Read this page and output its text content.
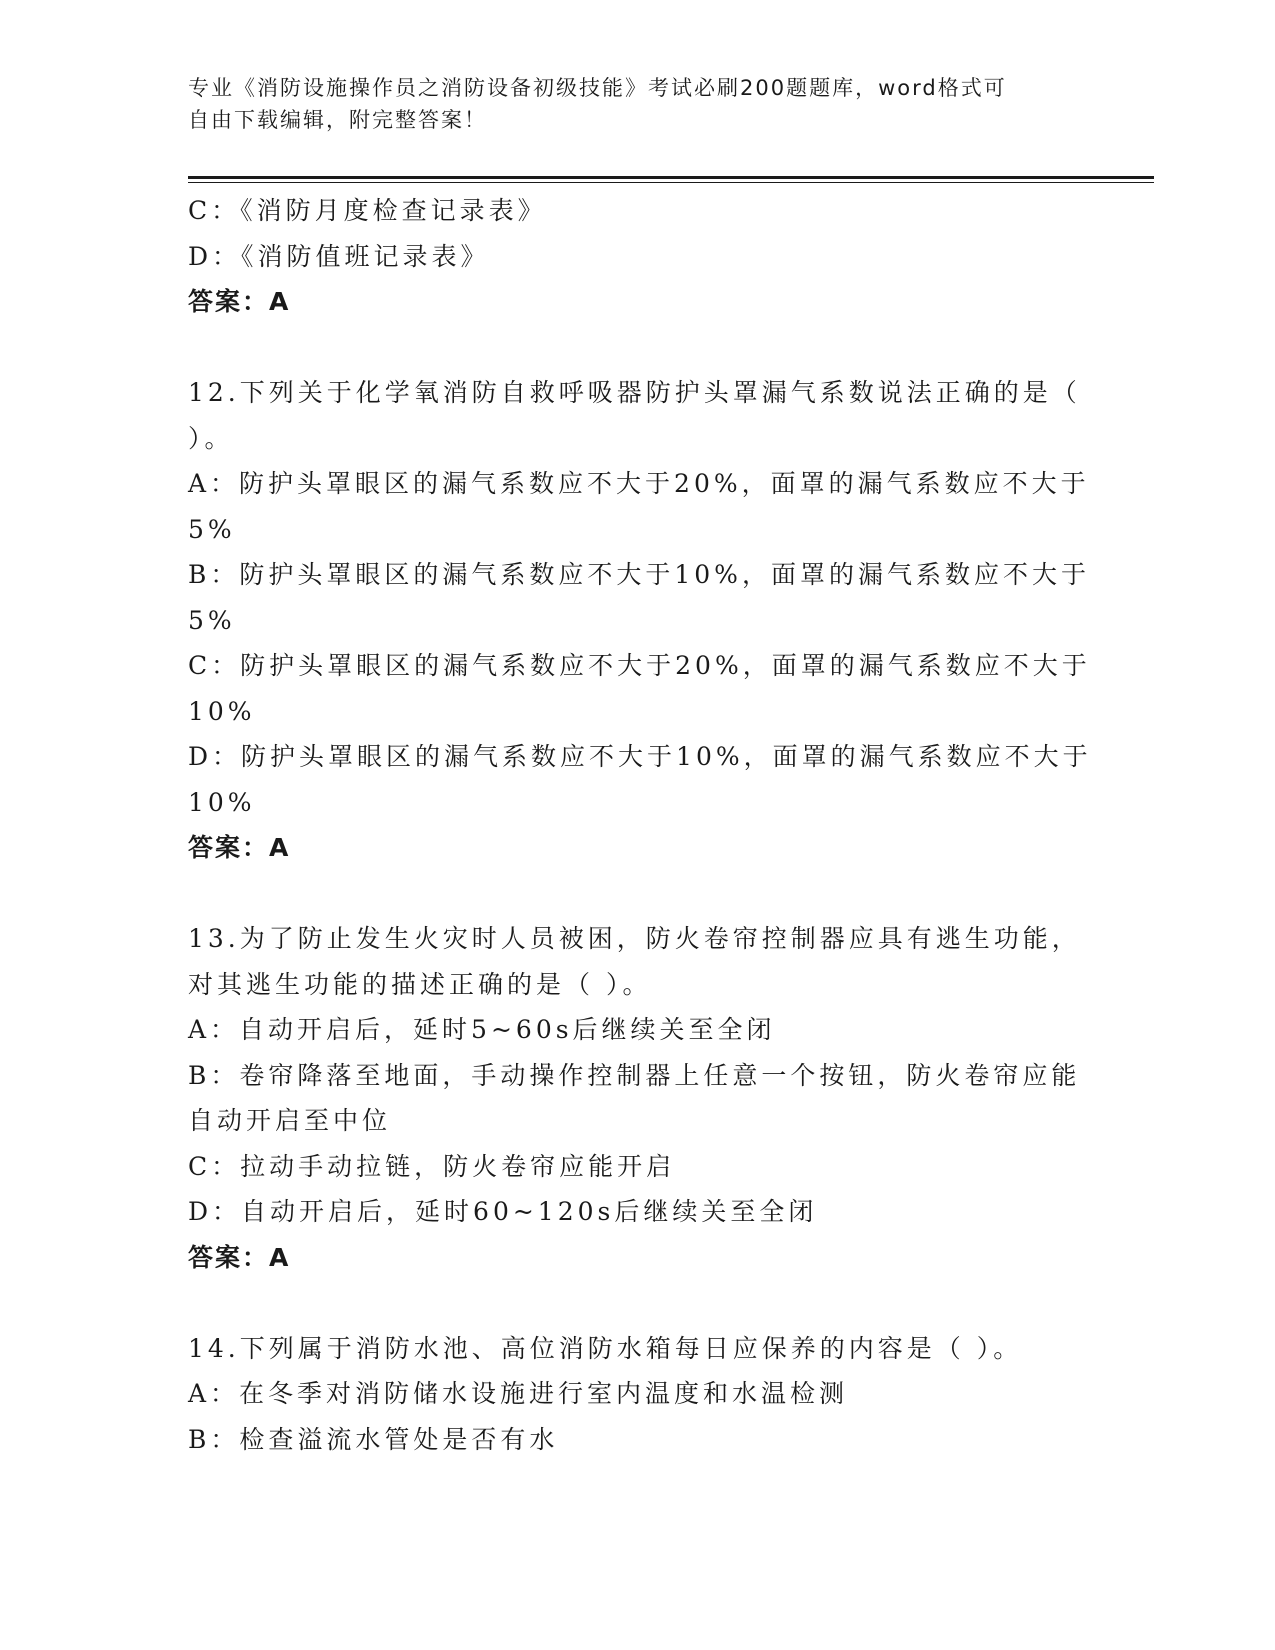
专业《消防设施操作员之消防设备初级技能》考试必刷200题题库，word格式可
自由下载编辑，附完整答案！
C：《消防月度检查记录表》
D：《消防值班记录表》
答案：A
12.下列关于化学氧消防自救呼吸器防护头罩漏气系数说法正确的是（
）。
A：防护头罩眼区的漏气系数应不大于20%，面罩的漏气系数应不大于
5%
B：防护头罩眼区的漏气系数应不大于10%，面罩的漏气系数应不大于
5%
C：防护头罩眼区的漏气系数应不大于20%，面罩的漏气系数应不大于
10%
D：防护头罩眼区的漏气系数应不大于10%，面罩的漏气系数应不大于
10%
答案：A
13.为了防止发生火灾时人员被困，防火卷帘控制器应具有逃生功能，
对其逃生功能的描述正确的是（ ）。
A：自动开启后，延时5~60s后继续关至全闭
B：卷帘降落至地面，手动操作控制器上任意一个按钮，防火卷帘应能
自动开启至中位
C：拉动手动拉链，防火卷帘应能开启
D：自动开启后，延时60~120s后继续关至全闭
答案：A
14.下列属于消防水池、高位消防水箱每日应保养的内容是（ ）。
A：在冬季对消防储水设施进行室内温度和水温检测
B：检查溢流水管处是否有水
